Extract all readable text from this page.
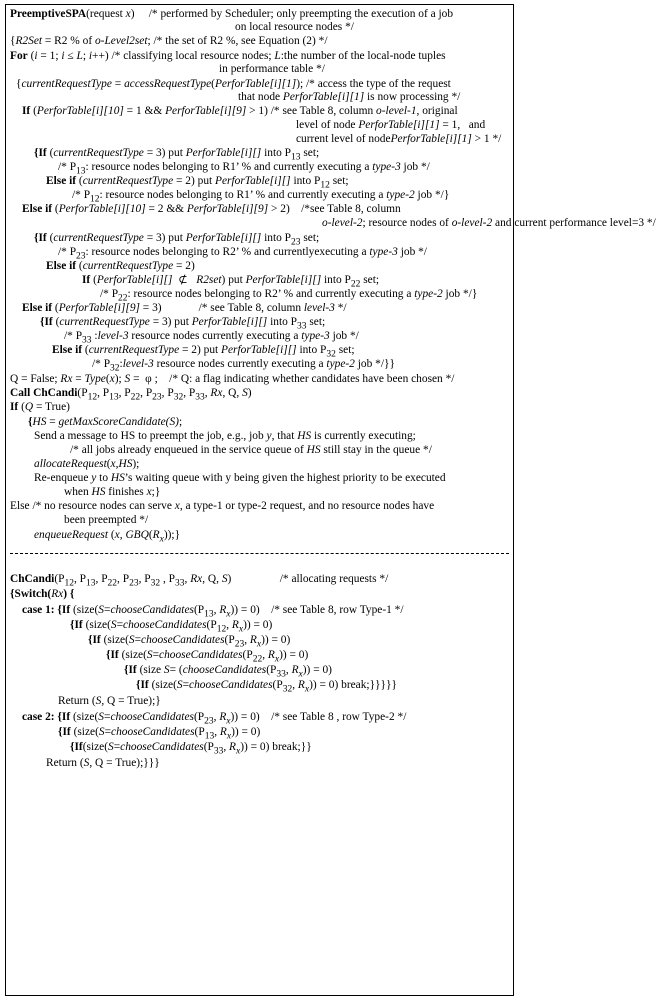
PreemptiveSPA(request x)     /* performed by Scheduler; only preempting the execution of a job
on local resource nodes */
{R2Set = R2 % of o-Level2set; /* the set of R2 %, see Equation (2) */
For (i = 1; i ≤ L; i++) /* classifying local resource nodes; L:the number of the local-node tuples
in performance table */
{currentRequestType = accessRequestType(PerforTable[i][1]); /* access the type of the request
that node PerforTable[i][1] is now processing */
If (PerforTable[i][10] = 1 && PerforTable[i][9] > 1) /* see Table 8, column o-level-1, original
level of node PerforTable[i][1] = 1,   and
current level of nodePerforTable[i][1] > 1 */
{If (currentRequestType = 3) put PerforTable[i][] into $P_{13}$ set;
/* $P_{13}$: resource nodes belonging to R1’ % and currently executing a type-3 job */
Else if (currentRequestType = 2) put PerforTable[i][] into $P_{12}$ set;
/* $P_{12}$: resource nodes belonging to R1’ % and currently executing a type-2 job */}
Else if (PerforTable[i][10] = 2 && PerforTable[i][9] > 2)    /*see Table 8, column
o-level-2; resource nodes of o-level-2 and current performance level=3 */
{If (currentRequestType = 3) put PerforTable[i][] into $P_{23}$ set;
/* $P_{23}$: resource nodes belonging to R2’ % and currentlyexecuting a type-3 job */
Else if (currentRequestType = 2)
If (PerforTable[i][]  ⊄   R2set) put PerforTable[i][] into $P_{22}$ set;
/* $P_{22}$: resource nodes belonging to R2’ % and currently executing a type-2 job */}
Else if (PerforTable[i][9] = 3)             /* see Table 8, column level-3 */
{If (currentRequestType = 3) put PerforTable[i][] into $P_{33}$ set;
/* $P_{33}$ :level-3 resource nodes currently executing a type-3 job */
Else if (currentRequestType = 2) put PerforTable[i][] into $P_{32}$ set;
/* $P_{32}:level-3$ resource nodes currently executing a type-2 job */}}
Q = False; Rx = Type(x); S =  φ ;    /* Q: a flag indicating whether candidates have been chosen */
Call $ChCandi(P_{12}$, $P_{13}$, $P_{22}$, $P_{23}$, $P_{32}$, $P_{33}$, Rx, Q, S)
If (Q = True)
{HS = getMaxScoreCandidate(S);
Send a message to HS to preempt the job, e.g., job y, that HS is currently executing;
/* all jobs already enqueued in the service queue of HS still stay in the queue */
allocateRequest(x,HS);
Re-enqueue y to HS’s waiting queue with y being given the highest priority to be executed
when HS finishes x;}
Else /* no resource nodes can serve x, a type-1 or type-2 request, and no resource nodes have
been preempted */
enqueueRequest (x, $GBQ(R_x)$);}
$ChCandi(P_{12}$, $P_{13}$, $P_{22}$, $P_{23}$, $P_{32}$ , $P_{33}$, Rx, Q, S)                 /* allocating requests */
{Switch(Rx) {
case 1: {If ($size(S=chooseCandidates(P_{13}$, $R_x)) = 0$)    /* see Table 8, row Type-1 */
{If ($size(S=chooseCandidates(P_{12}$, $R_x)) = 0$)
{If ($size(S=chooseCandidates(P_{23}$, $R_x)) = 0$)
{If ($size(S=chooseCandidates(P_{22}$, $R_x)) = 0$)
{If (size $S= (chooseCandidates(P_{33}$, $R_x)) = 0$)
{If ($size(S=chooseCandidates(P_{32}$, $R_x)) = 0$) break;}}}}}
Return (S, Q = True);}
case 2: {If ($size(S=chooseCandidates(P_{23}$, $R_x)) = 0$)    /* see Table 8 , row Type-2 */
{If ($size(S=chooseCandidates(P_{13}$, $R_x)) = 0$)
{$If(size(S=chooseCandidates(P_{33}$, $R_x)) = 0$) break;}}
Return (S, Q = True);}}}
